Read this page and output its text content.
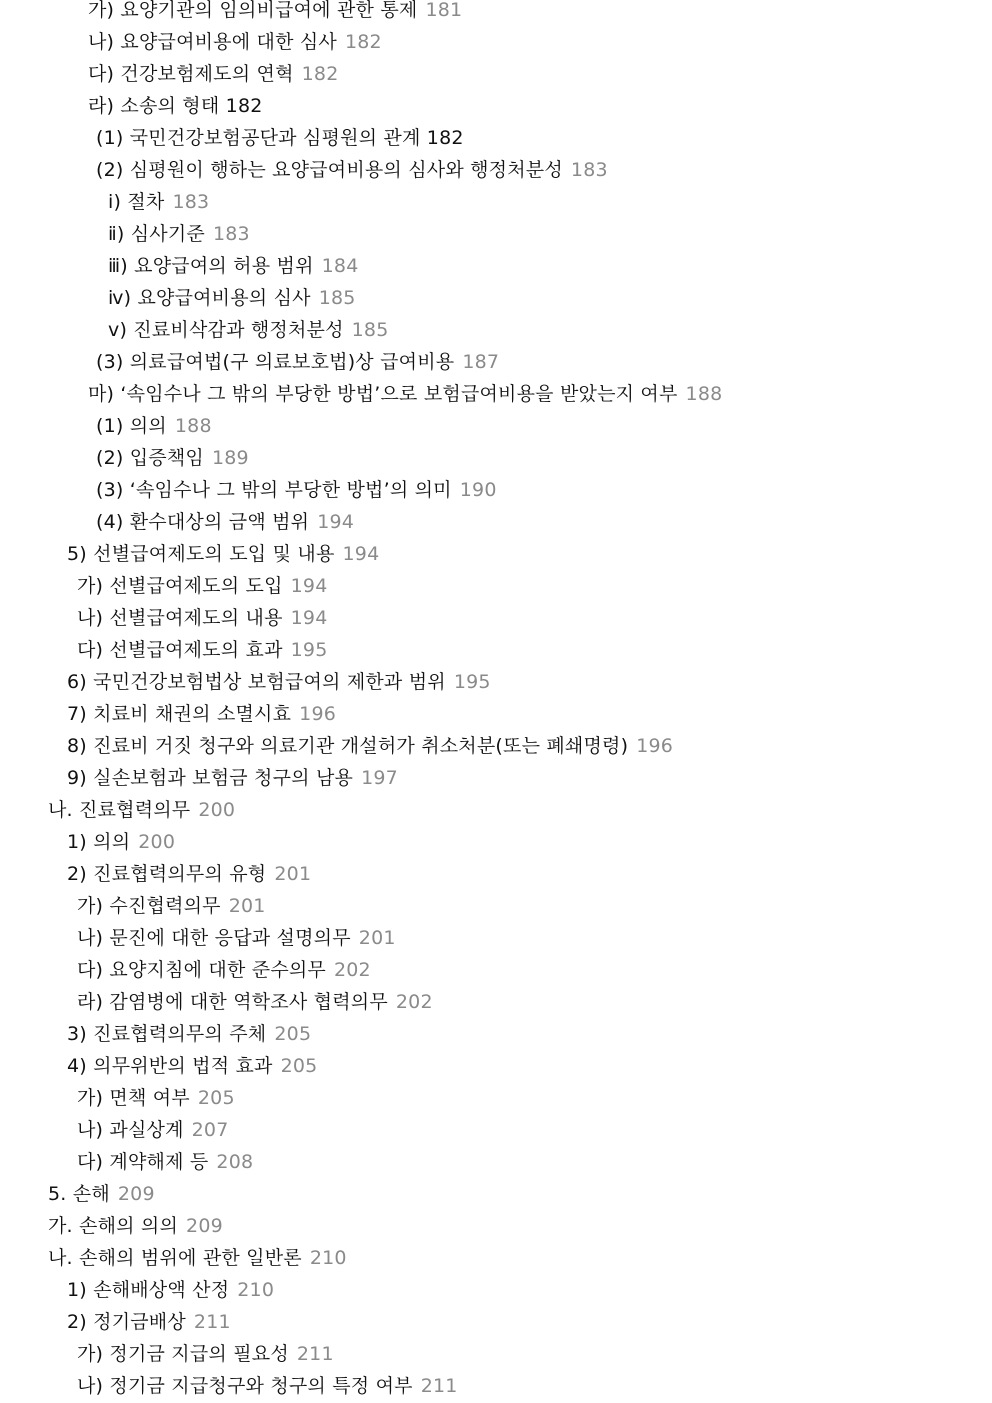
가) 요양기관의 임의비급여에 관한 통제 181
나) 요양급여비용에 대한 심사 182
다) 건강보험제도의 연혁 182
라) 소송의 형태 182
(1) 국민건강보험공단과 심평원의 관계 182
(2) 심평원이 행하는 요양급여비용의 심사와 행정처분성 183
ⅰ) 절차 183
ⅱ) 심사기준 183
ⅲ) 요양급여의 허용 범위 184
ⅳ) 요양급여비용의 심사 185
ⅴ) 진료비삭감과 행정처분성 185
(3) 의료급여법(구 의료보호법)상 급여비용 187
마) ‘속임수나 그 밖의 부당한 방법’으로 보험급여비용을 받았는지 여부 188
(1) 의의 188
(2) 입증책임 189
(3) ‘속임수나 그 밖의 부당한 방법’의 의미 190
(4) 환수대상의 금액 범위 194
5) 선별급여제도의 도입 및 내용 194
가) 선별급여제도의 도입 194
나) 선별급여제도의 내용 194
다) 선별급여제도의 효과 195
6) 국민건강보험법상 보험급여의 제한과 범위 195
7) 치료비 채권의 소멸시효 196
8) 진료비 거짓 청구와 의료기관 개설허가 취소처분(또는 폐쇄명령) 196
9) 실손보험과 보험금 청구의 남용 197
나. 진료협력의무 200
1) 의의 200
2) 진료협력의무의 유형 201
가) 수진협력의무 201
나) 문진에 대한 응답과 설명의무 201
다) 요양지침에 대한 준수의무 202
라) 감염병에 대한 역학조사 협력의무 202
3) 진료협력의무의 주체 205
4) 의무위반의 법적 효과 205
가) 면책 여부 205
나) 과실상계 207
다) 계약해제 등 208
5. 손해 209
가. 손해의 의의 209
나. 손해의 범위에 관한 일반론 210
1) 손해배상액 산정 210
2) 정기금배상 211
가) 정기금 지급의 필요성 211
나) 정기금 지급청구와 청구의 특정 여부 211
